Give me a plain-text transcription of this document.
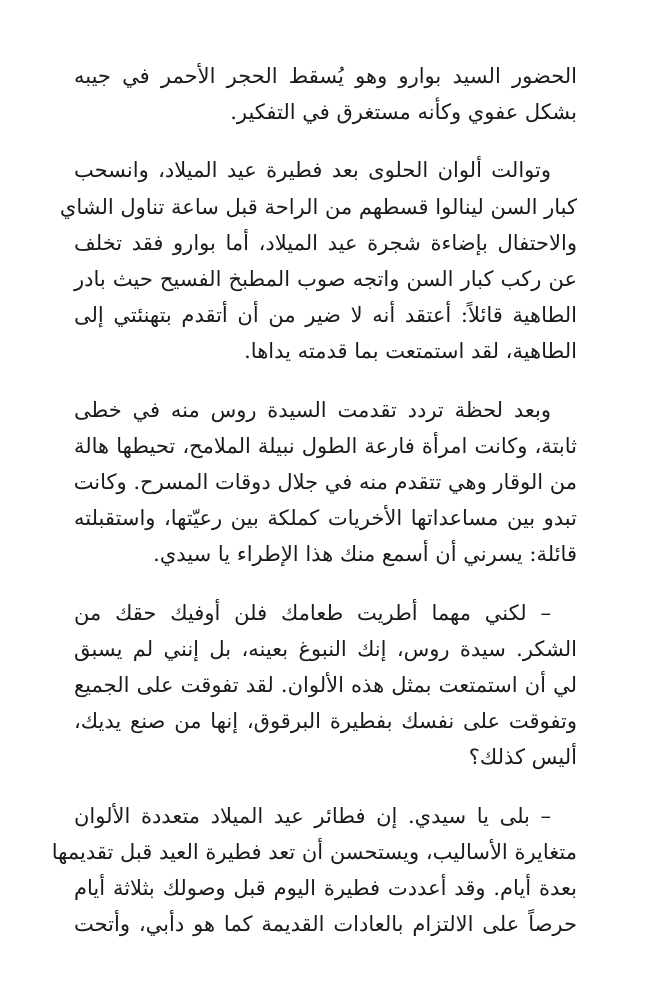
الحضور السيد بوارو وهو يُسقط الحجر الأحمر في جيبه
بشكل عفوي وكأنه مستغرق في التفكير.

وتوالت ألوان الحلوى بعد فطيرة عيد الميلاد، وانسحب
كبار السن لينالوا قسطهم من الراحة قبل ساعة تناول الشاي
والاحتفال بإضاءة شجرة عيد الميلاد، أما بوارو فقد تخلف
عن ركب كبار السن واتجه صوب المطبخ الفسيح حيث بادر
الطاهية قائلاً: أعتقد أنه لا ضير من أن أتقدم بتهنئتي إلى
الطاهية، لقد استمتعت بما قدمته يداها.

وبعد لحظة تردد تقدمت السيدة روس منه في خطى
ثابتة، وكانت امرأة فارعة الطول نبيلة الملامح، تحيطها هالة
من الوقار وهي تتقدم منه في جلال دوقات المسرح. وكانت
تبدو بين مساعداتها الأخريات كملكة بين رعيّتها، واستقبلته
قائلة: يسرني أن أسمع منك هذا الإطراء يا سيدي.

– لكني مهما أطريت طعامك فلن أوفيك حقك من
الشكر. سيدة روس، إنك النبوغ بعينه، بل إنني لم يسبق
لي أن استمتعت بمثل هذه الألوان. لقد تفوقت على الجميع
وتفوقت على نفسك بفطيرة البرقوق، إنها من صنع يديك،
أليس كذلك؟

– بلى يا سيدي. إن فطائر عيد الميلاد متعددة الألوان
متغايرة الأساليب، ويستحسن أن تعد فطيرة العيد قبل تقديمها
بعدة أيام. وقد أعددت فطيرة اليوم قبل وصولك بثلاثة أيام
حرصاً على الالتزام بالعادات القديمة كما هو دأبي، وأتحت
